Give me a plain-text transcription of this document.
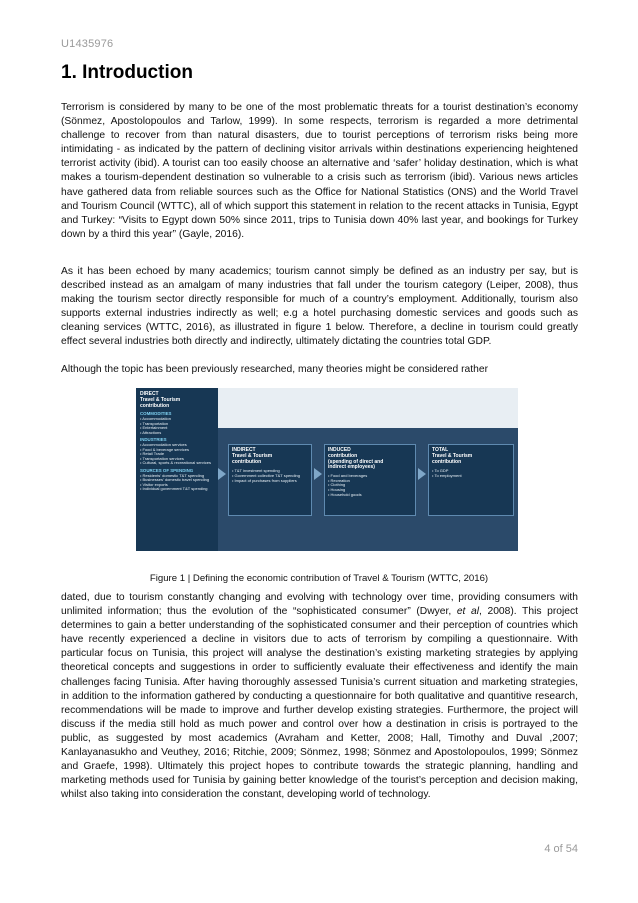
U1435976
1. Introduction

Terrorism is considered by many to be one of the most problematic threats for a tourist destination’s economy (Sönmez, Apostolopoulos and Tarlow, 1999). In some respects, terrorism is regarded a more detrimental challenge to recover from than natural disasters, due to tourist perceptions of terrorism risks being more intimidating - as indicated by the pattern of declining visitor arrivals within destinations experiencing heightened terrorist activity (ibid). A tourist can too easily choose an alternative and ‘safer’ holiday destination, which is what makes a tourism-dependent destination so vulnerable to a crisis such as terrorism (ibid). Various news articles have gathered data from reliable sources such as the Office for National Statistics (ONS) and the World Travel and Tourism Council (WTTC), all of which support this statement in relation to the recent attacks in Tunisia, Egypt and Turkey: “Visits to Egypt down 50% since 2011, trips to Tunisia down 40% last year, and bookings for Turkey down by a third this year” (Gayle, 2016).

As it has been echoed by many academics; tourism cannot simply be defined as an industry per say, but is described instead as an amalgam of many industries that fall under the tourism category (Leiper, 2008), thus making the tourism sector directly responsible for much of a country’s employment. Additionally, tourism also supports external industries indirectly as well; e.g a hotel purchasing domestic services and goods such as cleaning services (WTTC, 2016), as illustrated in figure 1 below. Therefore, a decline in tourism could greatly effect several industries both directly and indirectly, ultimately dictating the countries total GDP.

Although the topic has been previously researched, many theories might be considered rather

DIRECT
Travel & Tourism
contribution
COMMODITIES
• Accommodation
• Transportation
• Entertainment
• Attractions
INDUSTRIES
• Accommodation services
• Food & beverage services
• Retail Trade
• Transportation services
• Cultural, sports & recreational services
SOURCES OF SPENDING
• Residents' domestic T&T spending
• Businesses' domestic travel spending
• Visitor exports
• Individual government T&T spending
INDIRECT
Travel & Tourism
contribution
• T&T investment spending
• Government collective T&T spending
• Impact of purchases from suppliers
INDUCED
contribution
(spending of direct and
indirect employees)
• Food and beverages
• Recreation
• Clothing
• Housing
• Household goods
TOTAL
Travel & Tourism
contribution
• To GDP
• To employment
Figure 1 | Defining the economic contribution of Travel & Tourism (WTTC, 2016)

dated, due to tourism constantly changing and evolving with technology over time, providing consumers with unlimited information; thus the evolution of the “sophisticated consumer” (Dwyer, et al, 2008). This project determines to gain a better understanding of the sophisticated consumer and their perception of countries which have recently experienced a decline in visitors due to acts of terrorism by compiling a questionnaire. With particular focus on Tunisia, this project will analyse the destination’s existing marketing strategies by applying theoretical concepts and suggestions in order to sufficiently evaluate their effectiveness and identify the main challenges facing Tunisia. After having thoroughly assessed Tunisia’s current situation and marketing strategies, in addition to the information gathered by conducting a questionnaire for both qualitative and quantitive research, recommendations will be made to improve and further develop existing strategies. Furthermore, the project will discuss if the media still hold as much power and control over how a destination in crisis is portrayed to the public, as suggested by most academics (Avraham and Ketter, 2008; Hall, Timothy and Duval ,2007; Kanlayanasukho and Veuthey, 2016; Ritchie, 2009; Sönmez, 1998; Sönmez and Apostolopoulos, 1999; Sönmez and Graefe, 1998). Ultimately this project hopes to contribute towards the strategic planning, handling and marketing methods used for Tunisia by gaining better knowledge of the tourist’s perception and decision making, whilst also taking into consideration the constant, developing world of technology.

4 of 54
